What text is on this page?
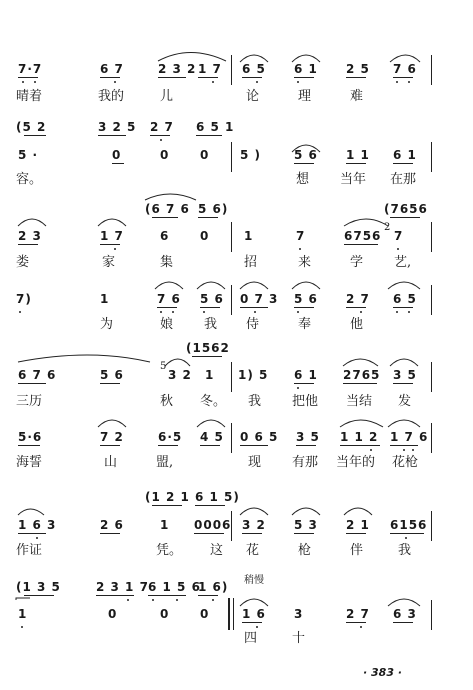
7·7	6 7	2 3 2 1 7 6 5 6 1 2 5 7 6
晴着	我的	儿	论	理	难
(5 2	3 2 5 2 7 6 5 1
5 ·	0	0	0	5 )	5 6 1 1 6 1
容。	想 当年 在那
(6 7 6 5 6)	(7656
2 3	1 7	6	0	1	7	6756
2
7
娄	家	集	招	来	学 艺,
7)	1	7 6 5 6 0 7 3 5 6 2 7 6 5
为	娘 我 侍	奉	他
(1562
6 7 6	5 6
5
3 2 1 1) 5 6 1 2765 3 5
三历	秋 冬。 我 把他 当结 发
5·6	7 2	6·5 4 5 0 6 5 3 5 1 1 2 1 7 6
海誓	山	盟,	现 有那 当年的 花枪
(1 2 1 6 1 5)
1 6 3	2 6	1 0006 3 2 5 3 2 1 6156
作证	凭。 这 花	枪	伴	我
(1 3 5	2 3 1 7 6 1 5 6
1 6) 稍慢
1	0	0	0	1 6 3	2 7 6 3
四	十
· 383 ·
